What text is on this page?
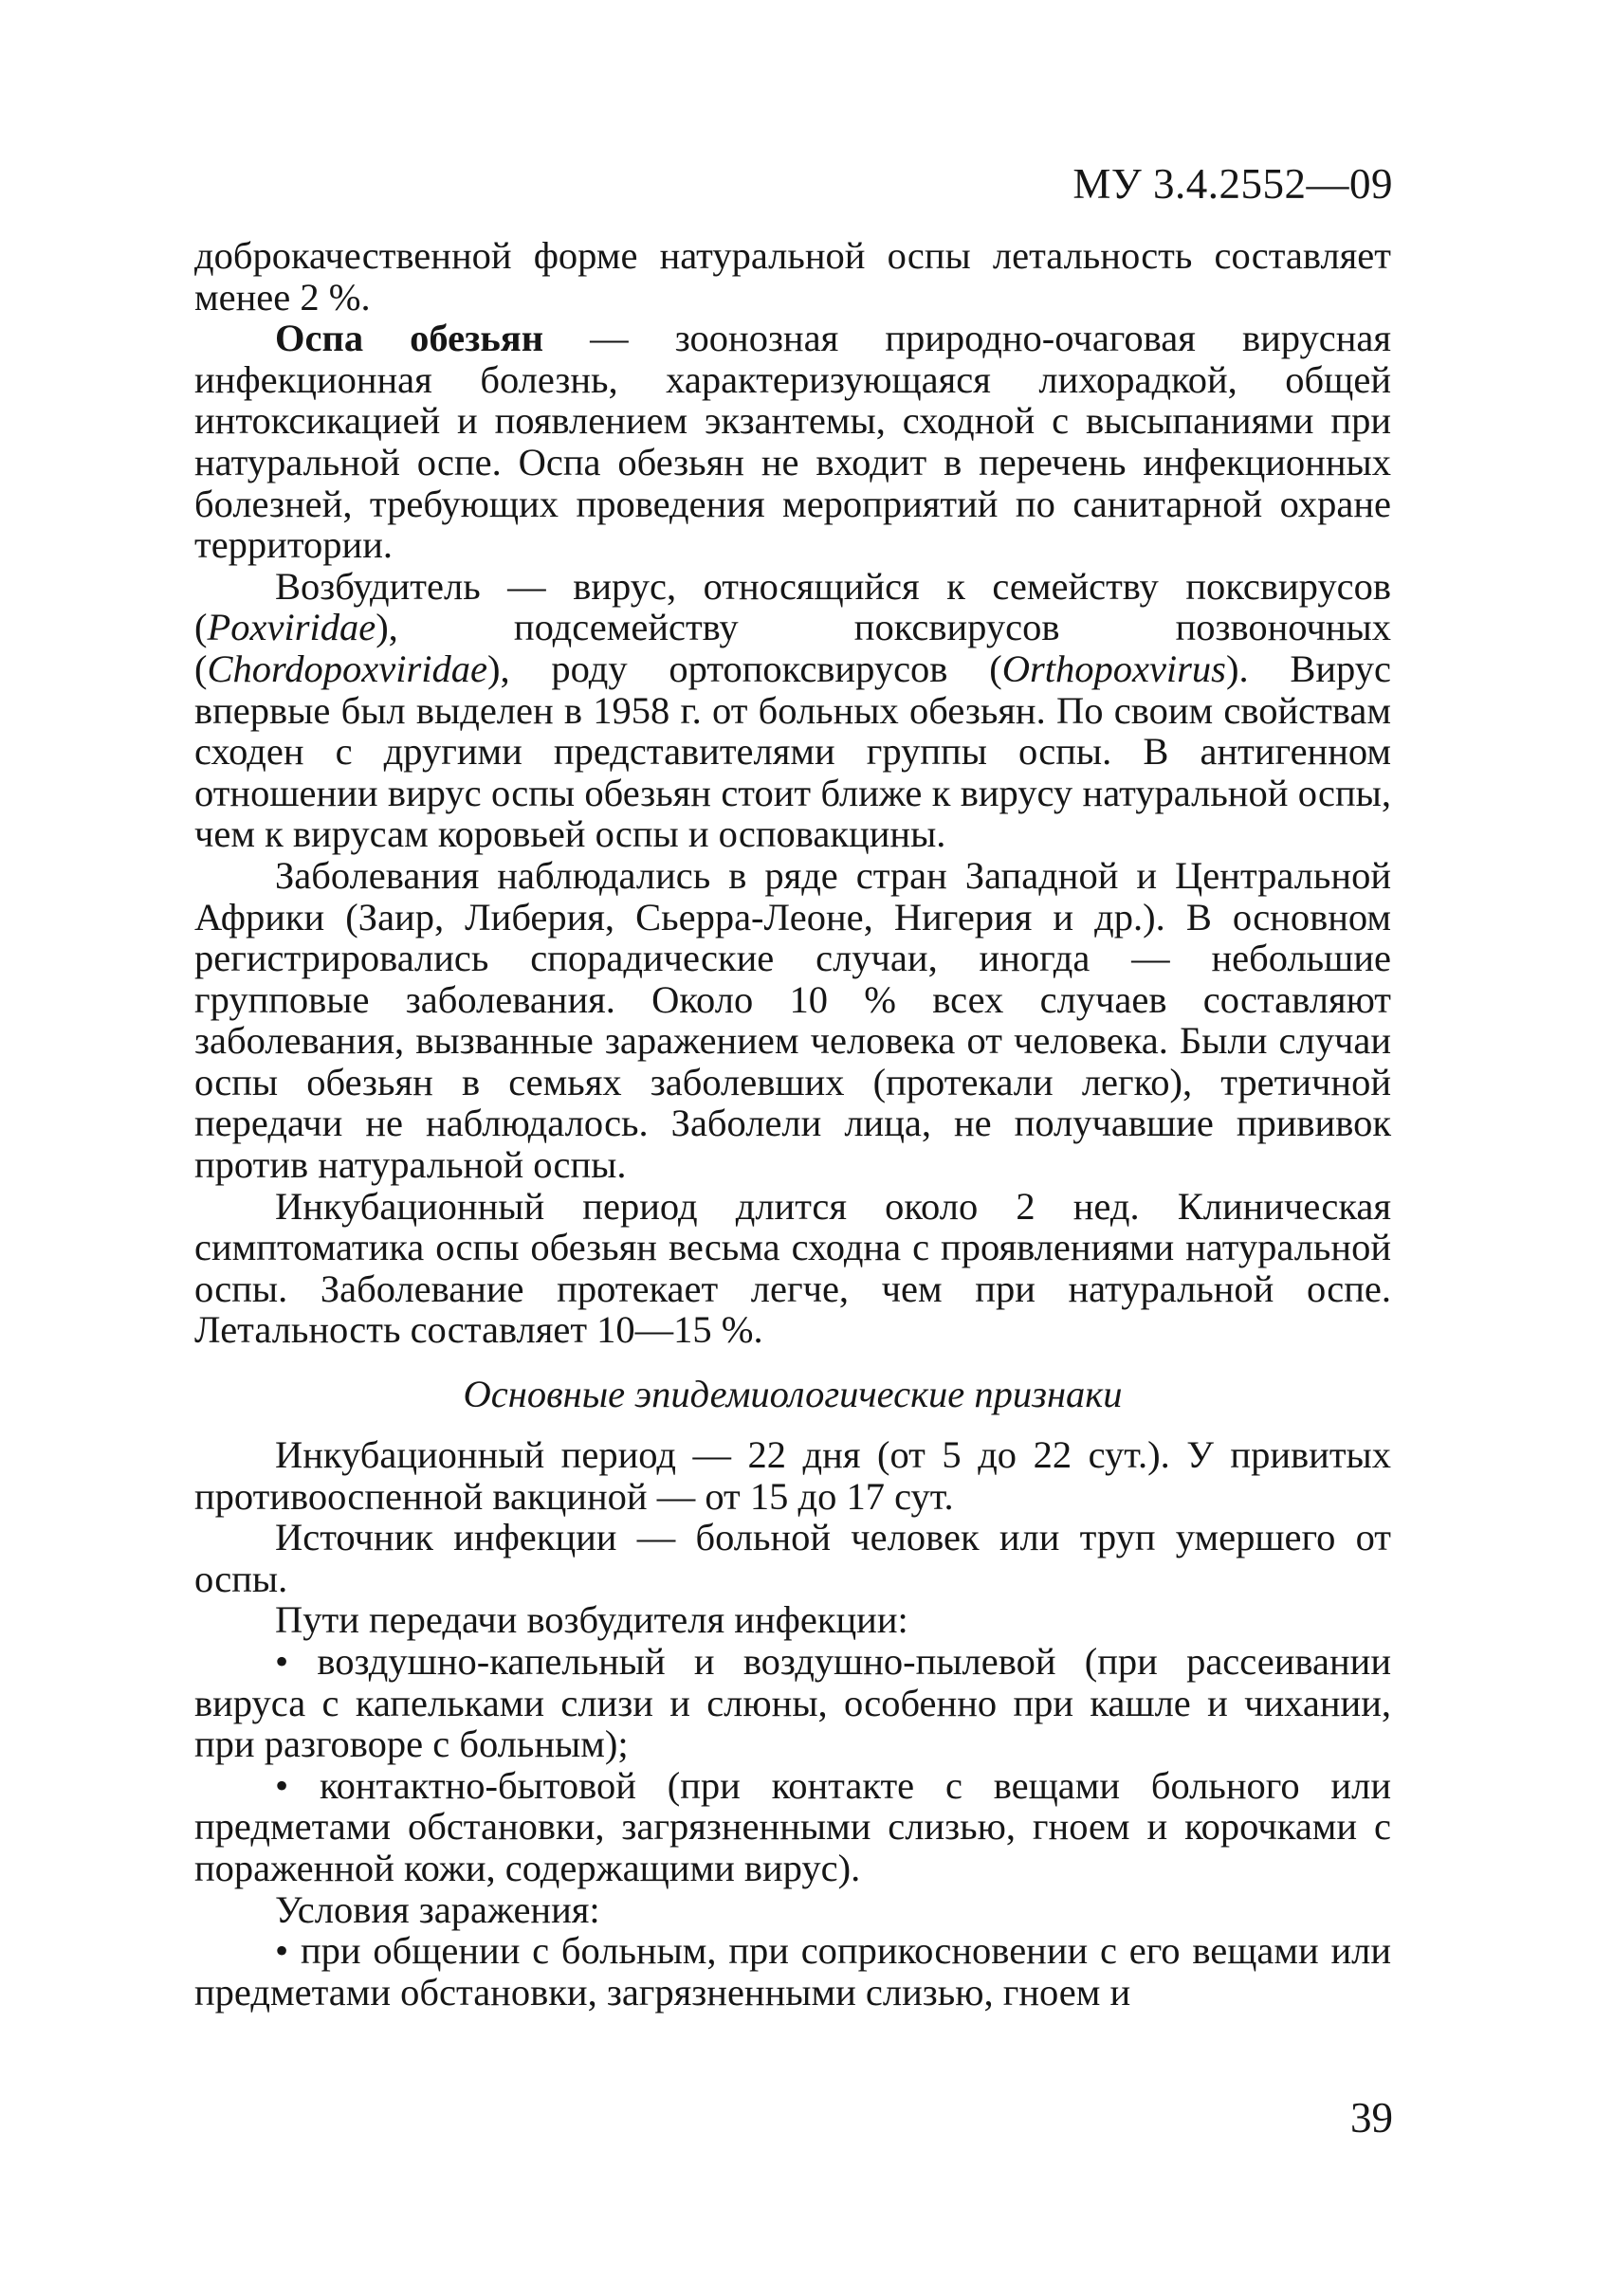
МУ 3.4.2552—09

доброкачественной форме натуральной оспы летальность составляет менее 2 %.

Оспа обезьян — зоонозная природно-очаговая вирусная инфекционная болезнь, характеризующаяся лихорадкой, общей интоксикацией и появлением экзантемы, сходной с высыпаниями при натуральной оспе. Оспа обезьян не входит в перечень инфекционных болезней, требующих проведения мероприятий по санитарной охране территории.

Возбудитель — вирус, относящийся к семейству поксвирусов (Poxviridae), подсемейству поксвирусов позвоночных (Chordopoxviridae), роду ортопоксвирусов (Orthopoxvirus). Вирус впервые был выделен в 1958 г. от больных обезьян. По своим свойствам сходен с другими представителями группы оспы. В антигенном отношении вирус оспы обезьян стоит ближе к вирусу натуральной оспы, чем к вирусам коровьей оспы и осповакцины.

Заболевания наблюдались в ряде стран Западной и Центральной Африки (Заир, Либерия, Сьерра-Леоне, Нигерия и др.). В основном регистрировались спорадические случаи, иногда — небольшие групповые заболевания. Около 10 % всех случаев составляют заболевания, вызванные заражением человека от человека. Были случаи оспы обезьян в семьях заболевших (протекали легко), третичной передачи не наблюдалось. Заболели лица, не получавшие прививок против натуральной оспы.

Инкубационный период длится около 2 нед. Клиническая симптоматика оспы обезьян весьма сходна с проявлениями натуральной оспы. Заболевание протекает легче, чем при натуральной оспе. Летальность составляет 10—15 %.

Основные эпидемиологические признаки

Инкубационный период — 22 дня (от 5 до 22 сут.). У привитых противооспенной вакциной — от 15 до 17 сут.

Источник инфекции — больной человек или труп умершего от оспы.

Пути передачи возбудителя инфекции:

• воздушно-капельный и воздушно-пылевой (при рассеивании вируса с капельками слизи и слюны, особенно при кашле и чихании, при разговоре с больным);

• контактно-бытовой (при контакте с вещами больного или предметами обстановки, загрязненными слизью, гноем и корочками с пораженной кожи, содержащими вирус).

Условия заражения:

• при общении с больным, при соприкосновении с его вещами или предметами обстановки, загрязненными слизью, гноем и

39
